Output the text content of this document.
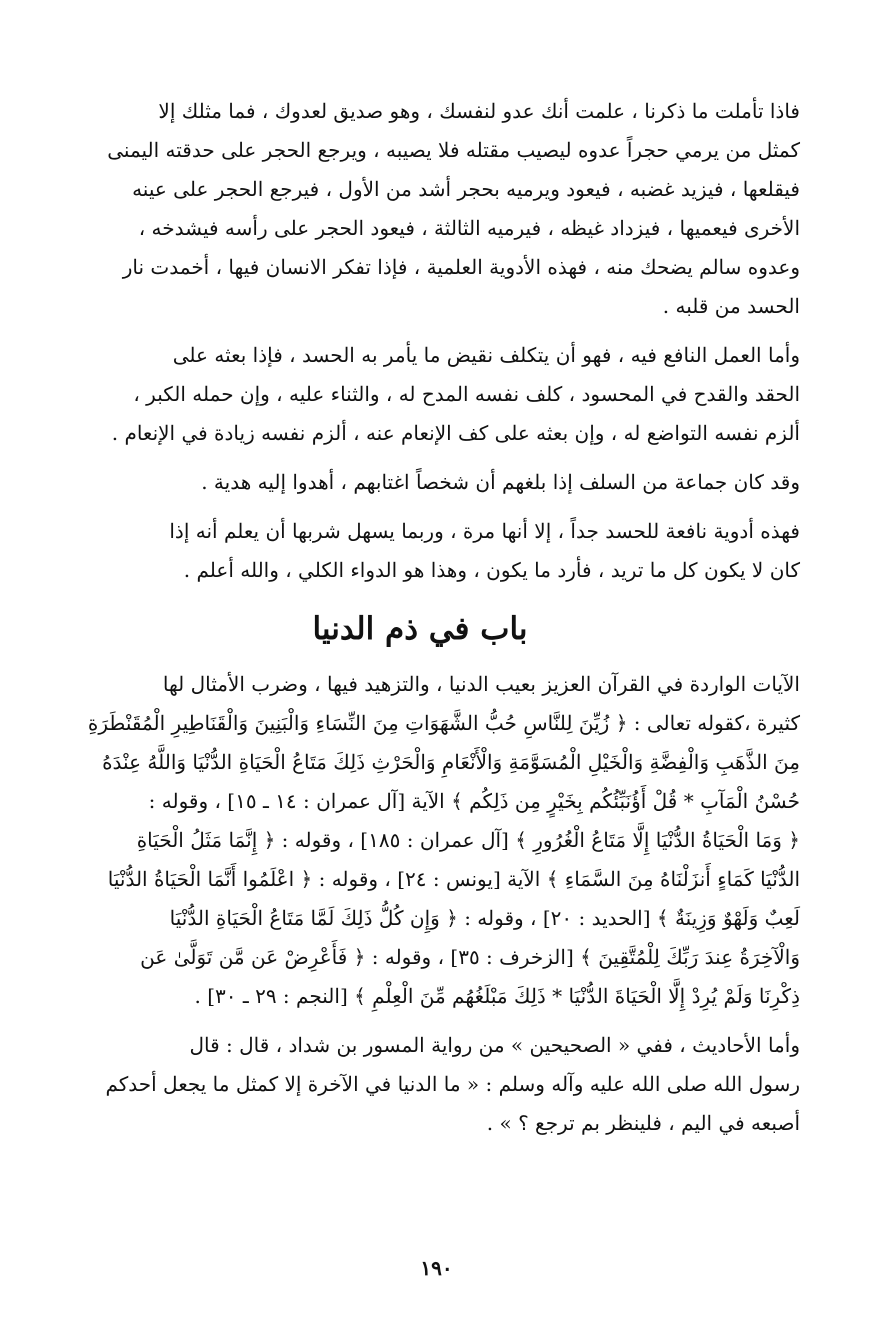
فاذا تأملت ما ذكرنا ، علمت أنك عدو لنفسك ، وهو صديق لعدوك ، فما مثلك إلا
كمثل من يرمي حجراً عدوه ليصيب مقتله فلا يصيبه ، ويرجع الحجر على حدقته اليمنى
فيقلعها ، فيزيد غضبه ، فيعود ويرميه بحجر أشد من الأول ، فيرجع الحجر على عينه
الأخرى فيعميها ، فيزداد غيظه ، فيرميه الثالثة ، فيعود الحجر على رأسه فيشدخه ،
وعدوه سالم يضحك منه ، فهذه الأدوية العلمية ، فإذا تفكر الانسان فيها ، أخمدت نار
الحسد من قلبه .
وأما العمل النافع فيه ، فهو أن يتكلف نقيض ما يأمر به الحسد ، فإذا بعثه على
الحقد والقدح في المحسود ، كلف نفسه المدح له ، والثناء عليه ، وإن حمله الكبر ،
ألزم نفسه التواضع له ، وإن بعثه على كف الإنعام عنه ، ألزم نفسه زيادة في الإنعام .
وقد كان جماعة من السلف إذا بلغهم أن شخصاً اغتابهم ، أهدوا إليه هدية .
فهذه أدوية نافعة للحسد جداً ، إلا أنها مرة ، وربما يسهل شربها أن يعلم أنه إذا
كان لا يكون كل ما تريد ، فأرد ما يكون ، وهذا هو الدواء الكلي ، والله أعلم .
باب في ذم الدنيا
الآيات الواردة في القرآن العزيز بعيب الدنيا ، والتزهيد فيها ، وضرب الأمثال لها
كثيرة ،كقوله تعالى : ﴿ زُيِّنَ لِلنَّاسِ حُبُّ الشَّهَوَاتِ مِنَ النِّسَاءِ وَالْبَنِينَ وَالْقَنَاطِيرِ الْمُقَنْطَرَةِ
مِنَ الذَّهَبِ وَالْفِضَّةِ وَالْخَيْلِ الْمُسَوَّمَةِ وَالْأَنْعَامِ وَالْحَرْثِ ذَلِكَ مَتَاعُ الْحَيَاةِ الدُّنْيَا وَاللَّهُ عِنْدَهُ
حُسْنُ الْمَآبِ * قُلْ أَؤُنَبِّئُكُم بِخَيْرٍ مِن ذَلِكُم ﴾ الآية [آل عمران : ١٤ ـ ١٥] ، وقوله :
﴿ وَمَا الْحَيَاةُ الدُّنْيَا إِلَّا مَتَاعُ الْغُرُورِ ﴾ [آل عمران : ١٨٥] ، وقوله : ﴿ إِنَّمَا مَثَلُ الْحَيَاةِ
الدُّنْيَا كَمَاءٍ أَنزَلْنَاهُ مِنَ السَّمَاءِ ﴾ الآية [يونس : ٢٤] ، وقوله : ﴿ اعْلَمُوا أَنَّمَا الْحَيَاةُ الدُّنْيَا
لَعِبٌ وَلَهْوٌ وَزِينَةٌ ﴾ [الحديد : ٢٠] ، وقوله : ﴿ وَإِن كُلُّ ذَلِكَ لَمَّا مَتَاعُ الْحَيَاةِ الدُّنْيَا
وَالْآخِرَةُ عِندَ رَبِّكَ لِلْمُتَّقِينَ ﴾ [الزخرف : ٣٥] ، وقوله : ﴿ فَأَعْرِضْ عَن مَّن تَوَلَّىٰ عَن
ذِكْرِنَا وَلَمْ يُرِدْ إِلَّا الْحَيَاةَ الدُّنْيَا * ذَلِكَ مَبْلَغُهُم مِّنَ الْعِلْمِ ﴾ [النجم : ٢٩ ـ ٣٠] .
وأما الأحاديث ، ففي « الصحيحين » من رواية المسور بن شداد ، قال : قال
رسول الله صلى الله عليه وآله وسلم : « ما الدنيا في الآخرة إلا كمثل ما يجعل أحدكم
أصبعه في اليم ، فلينظر بم ترجع ؟ » .
١٩٠
